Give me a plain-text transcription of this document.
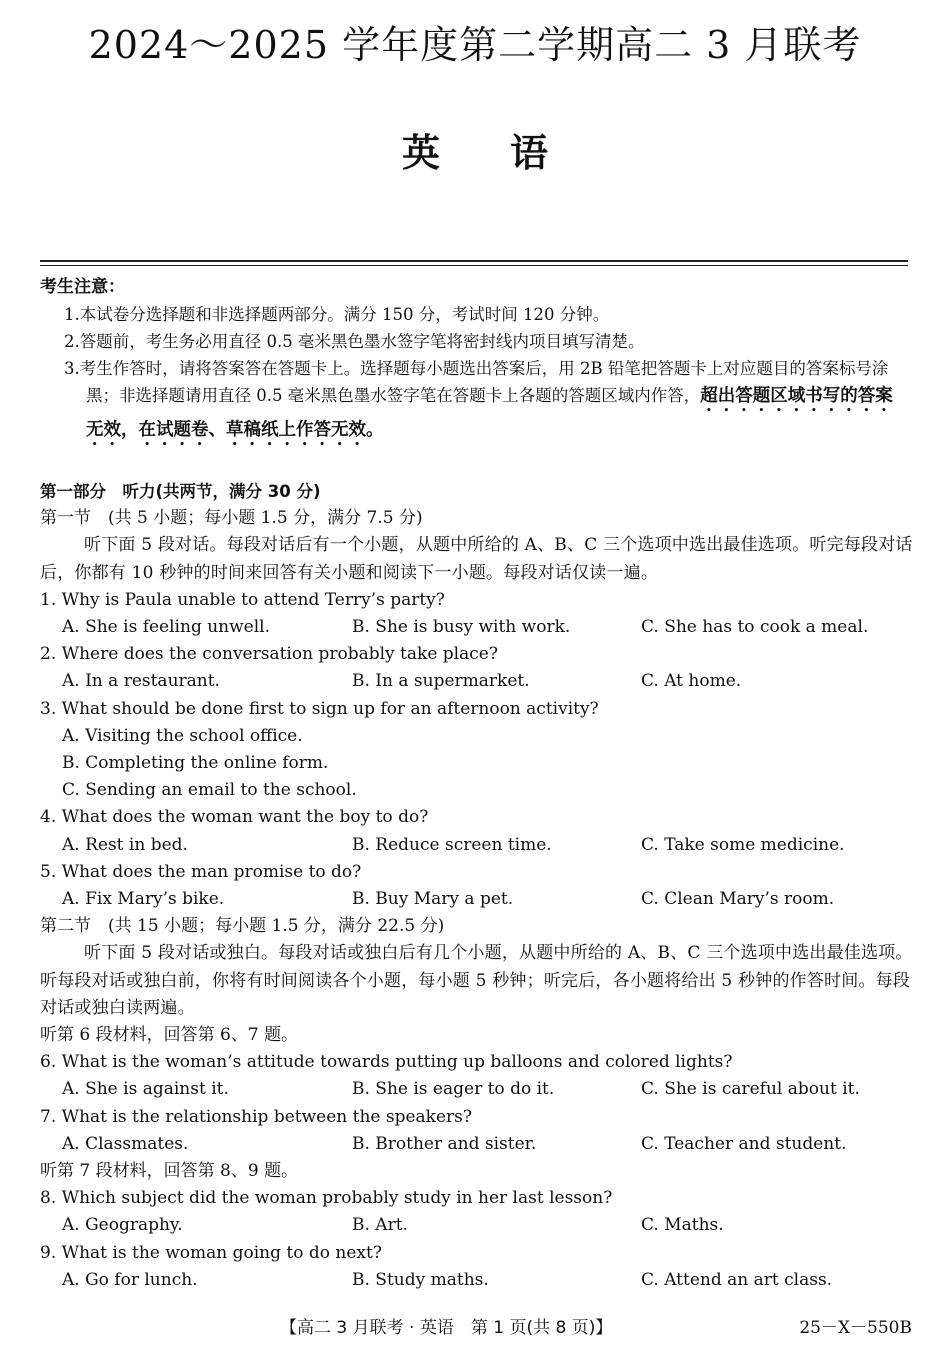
2024～2025 学年度第二学期高二 3 月联考
英语
考生注意：
1.本试卷分选择题和非选择题两部分。满分 150 分，考试时间 120 分钟。
2.答题前，考生务必用直径 0.5 毫米黑色墨水签字笔将密封线内项目填写清楚。
3.考生作答时，请将答案答在答题卡上。选择题每小题选出答案后，用 2B 铅笔把答题卡上对应题目的答案标号涂黑；非选择题请用直径 0.5 毫米黑色墨水签字笔在答题卡上各题的答题区域内作答，超出答题区域书写的答案无效，在试题卷、草稿纸上作答无效。
第一部分　听力(共两节，满分 30 分)
第一节　(共 5 小题；每小题 1.5 分，满分 7.5 分)
听下面 5 段对话。每段对话后有一个小题，从题中所给的 A、B、C 三个选项中选出最佳选项。听完每段对话后，你都有 10 秒钟的时间来回答有关小题和阅读下一小题。每段对话仅读一遍。
1. Why is Paula unable to attend Terry’s party?
A. She is feeling unwell.	B. She is busy with work.	C. She has to cook a meal.
2. Where does the conversation probably take place?
A. In a restaurant.	B. In a supermarket.	C. At home.
3. What should be done first to sign up for an afternoon activity?
A. Visiting the school office.
B. Completing the online form.
C. Sending an email to the school.
4. What does the woman want the boy to do?
A. Rest in bed.	B. Reduce screen time.	C. Take some medicine.
5. What does the man promise to do?
A. Fix Mary’s bike.	B. Buy Mary a pet.	C. Clean Mary’s room.
第二节　(共 15 小题；每小题 1.5 分，满分 22.5 分)
听下面 5 段对话或独白。每段对话或独白后有几个小题，从题中所给的 A、B、C 三个选项中选出最佳选项。听每段对话或独白前，你将有时间阅读各个小题，每小题 5 秒钟；听完后，各小题将给出 5 秒钟的作答时间。每段对话或独白读两遍。
听第 6 段材料，回答第 6、7 题。
6. What is the woman’s attitude towards putting up balloons and colored lights?
A. She is against it.	B. She is eager to do it.	C. She is careful about it.
7. What is the relationship between the speakers?
A. Classmates.	B. Brother and sister.	C. Teacher and student.
听第 7 段材料，回答第 8、9 题。
8. Which subject did the woman probably study in her last lesson?
A. Geography.	B. Art.	C. Maths.
9. What is the woman going to do next?
A. Go for lunch.	B. Study maths.	C. Attend an art class.
【高二 3 月联考 · 英语　第 1 页(共 8 页)】	25－X－550B
